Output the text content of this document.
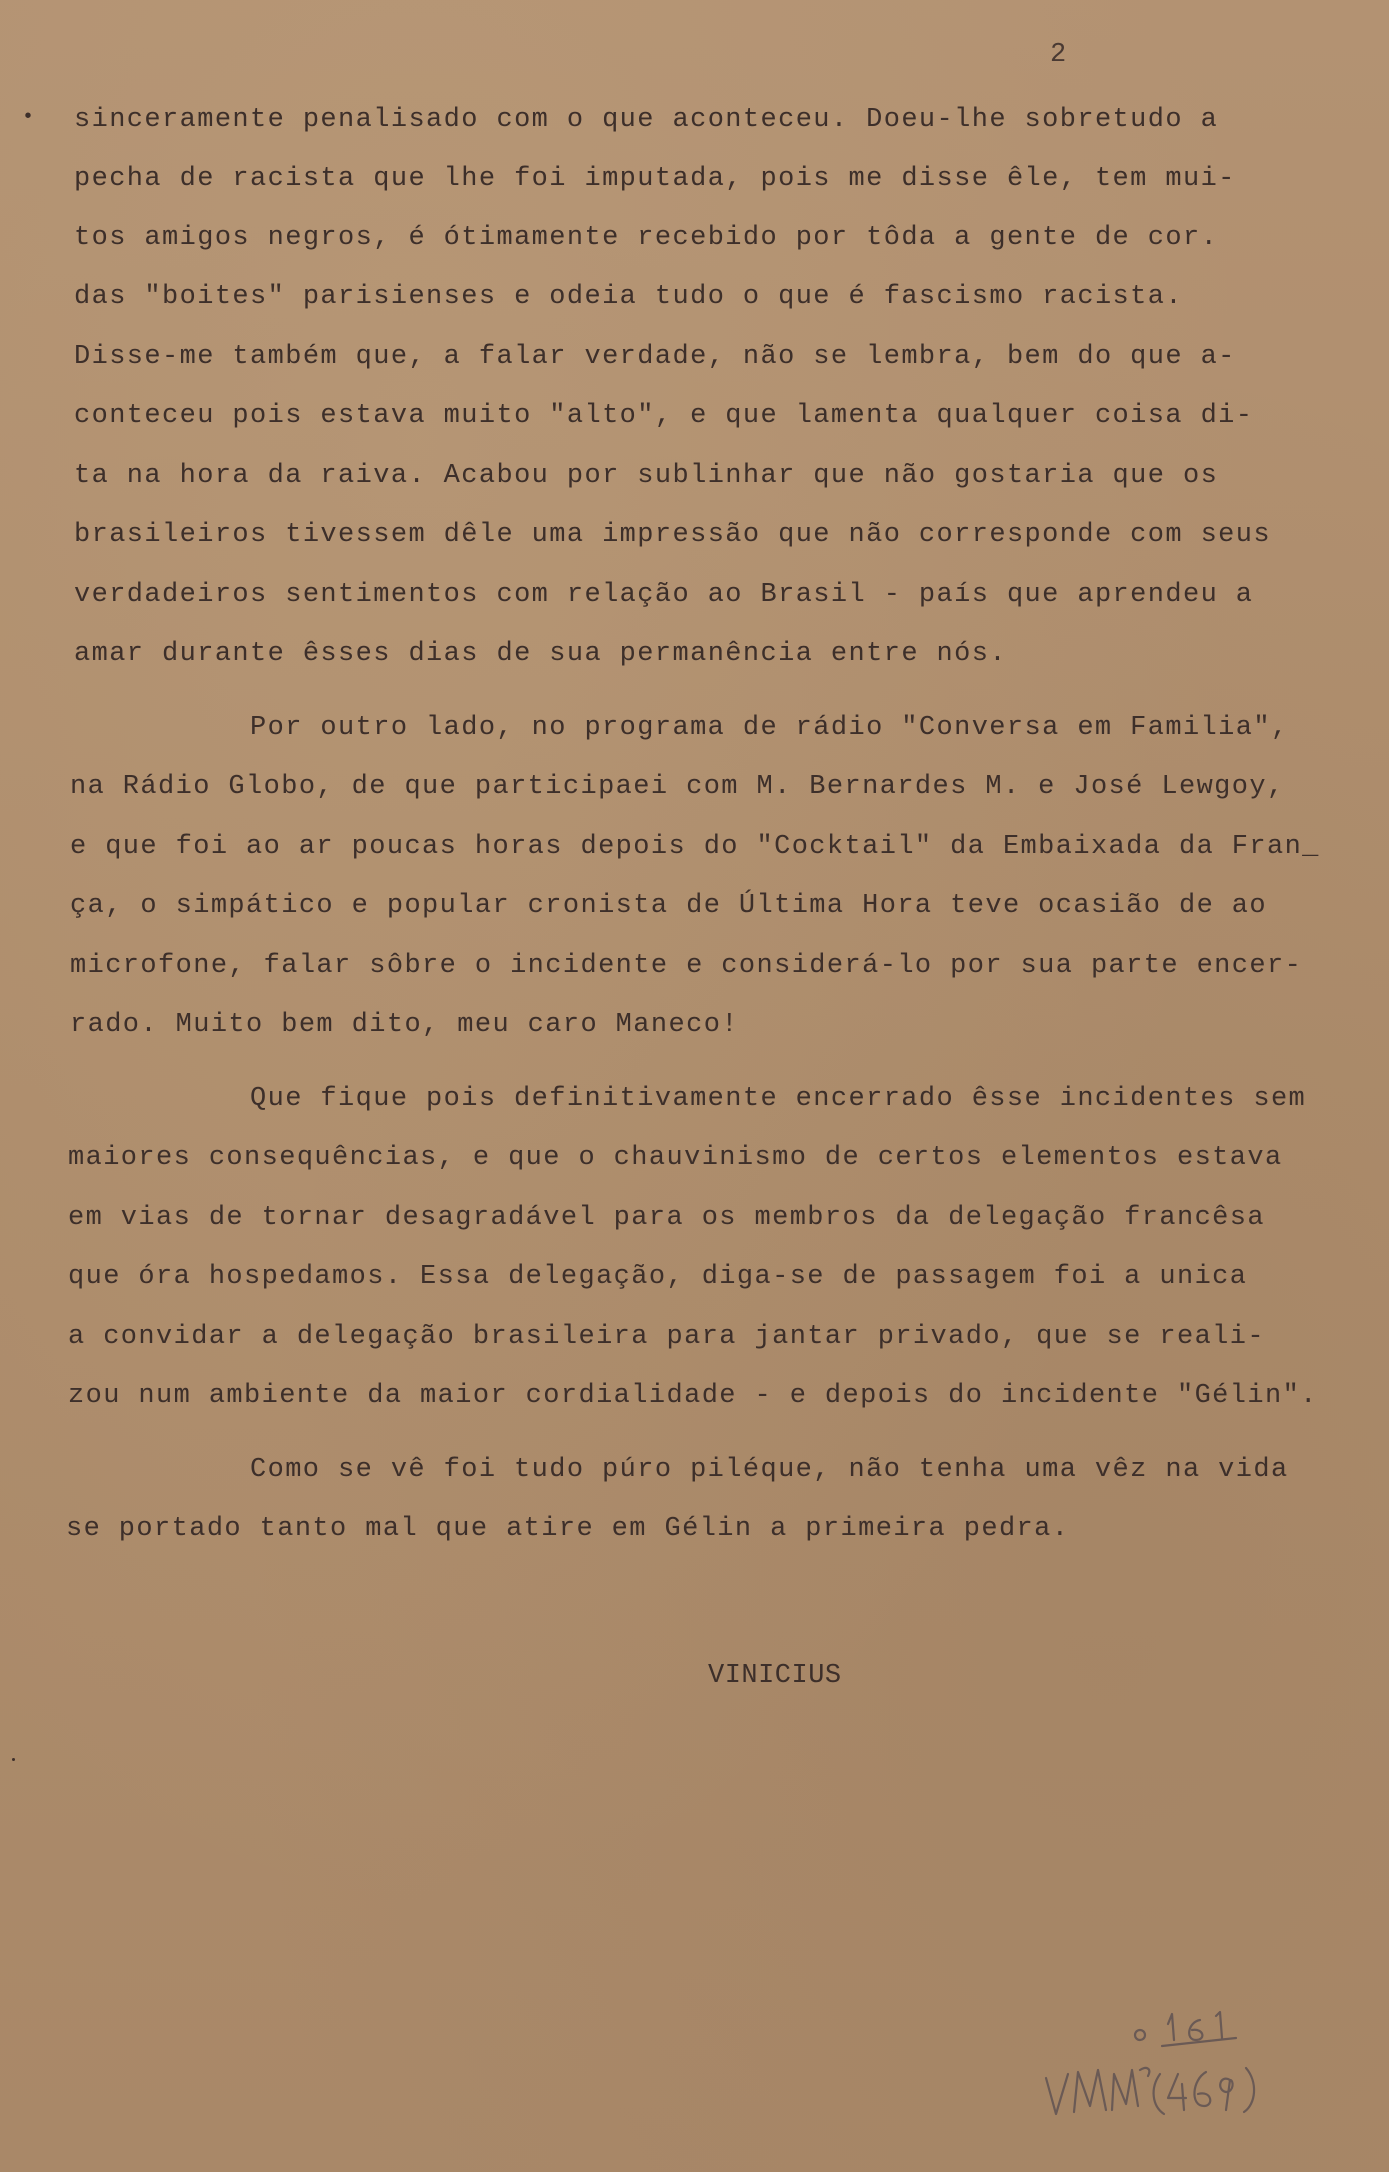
2
• sinceramente penalisado com o que aconteceu. Doeu-lhe sobretudo a
pecha de racista que lhe foi imputada, pois me disse êle, tem mui-
tos amigos negros, é ótimamente recebido por tôda a gente de cor.
das "boites" parisienses e odeia tudo o que é fascismo racista.
Disse-me também que, a falar verdade, não se lembra, bem do que a-
conteceu pois estava muito "alto", e que lamenta qualquer coisa di-
ta na hora da raiva. Acabou por sublinhar que não gostaria que os
brasileiros tivessem dêle uma impressão que não corresponde com seus
verdadeiros sentimentos com relação ao Brasil - país que aprendeu a
amar durante êsses dias de sua permanência entre nós.
Por outro lado, no programa de rádio "Conversa em Familia",
na Rádio Globo, de que participaei com M. Bernardes M. e José Lewgoy,
e que foi ao ar poucas horas depois do "Cocktail" da Embaixada da Fran_
ça, o simpático e popular cronista de Última Hora teve ocasião de ao
microfone, falar sôbre o incidente e considerá-lo por sua parte encer-
rado. Muito bem dito, meu caro Maneco!
Que fique pois definitivamente encerrado êsse incidentes sem
maiores consequências, e que o chauvinismo de certos elementos estava
em vias de tornar desagradável para os membros da delegação francêsa
que óra hospedamos. Essa delegação, diga-se de passagem foi a unica
a convidar a delegação brasileira para jantar privado, que se reali-
zou num ambiente da maior cordialidade - e depois do incidente "Gélin".
Como se vê foi tudo púro piléque, não tenha uma vêz na vida
se portado tanto mal que atire em Gélin a primeira pedra.
VINICIUS
